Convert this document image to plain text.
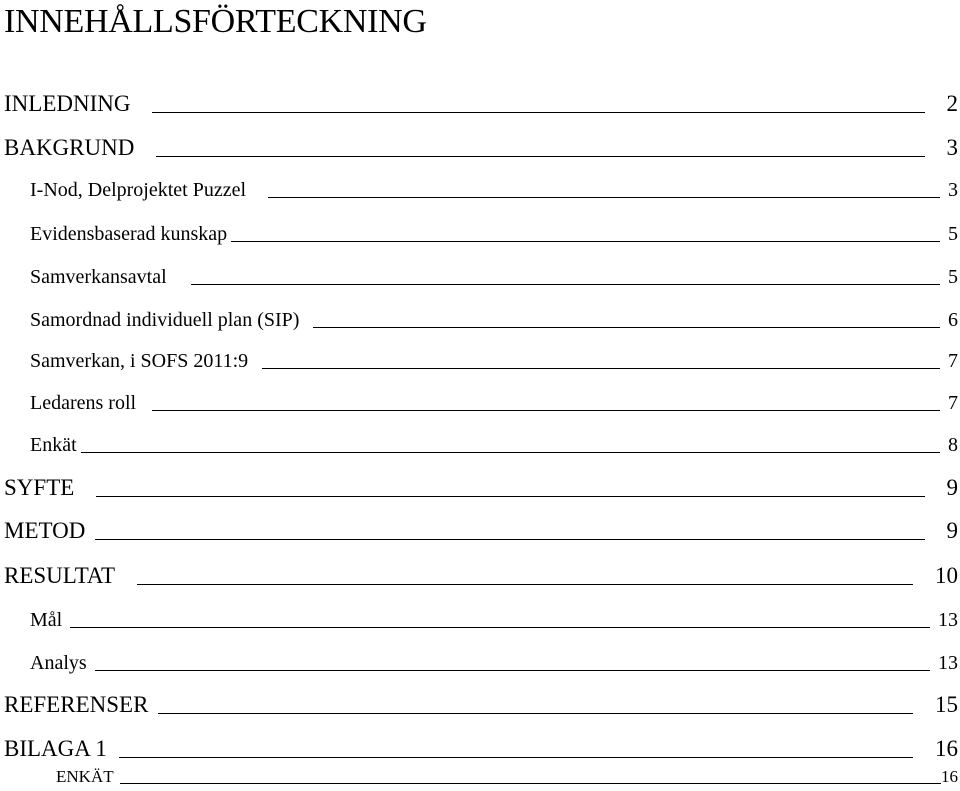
INNEHÅLLSFÖRTECKNING
INLEDNING	2
BAKGRUND	3
I-Nod, Delprojektet Puzzel	3
Evidensbaserad kunskap	5
Samverkansavtal	5
Samordnad individuell plan (SIP)	6
Samverkan, i SOFS 2011:9	7
Ledarens roll	7
Enkät	8
SYFTE	9
METOD	9
RESULTAT	10
Mål	13
Analys	13
REFERENSER	15
BILAGA 1	16
ENKÄT	16
